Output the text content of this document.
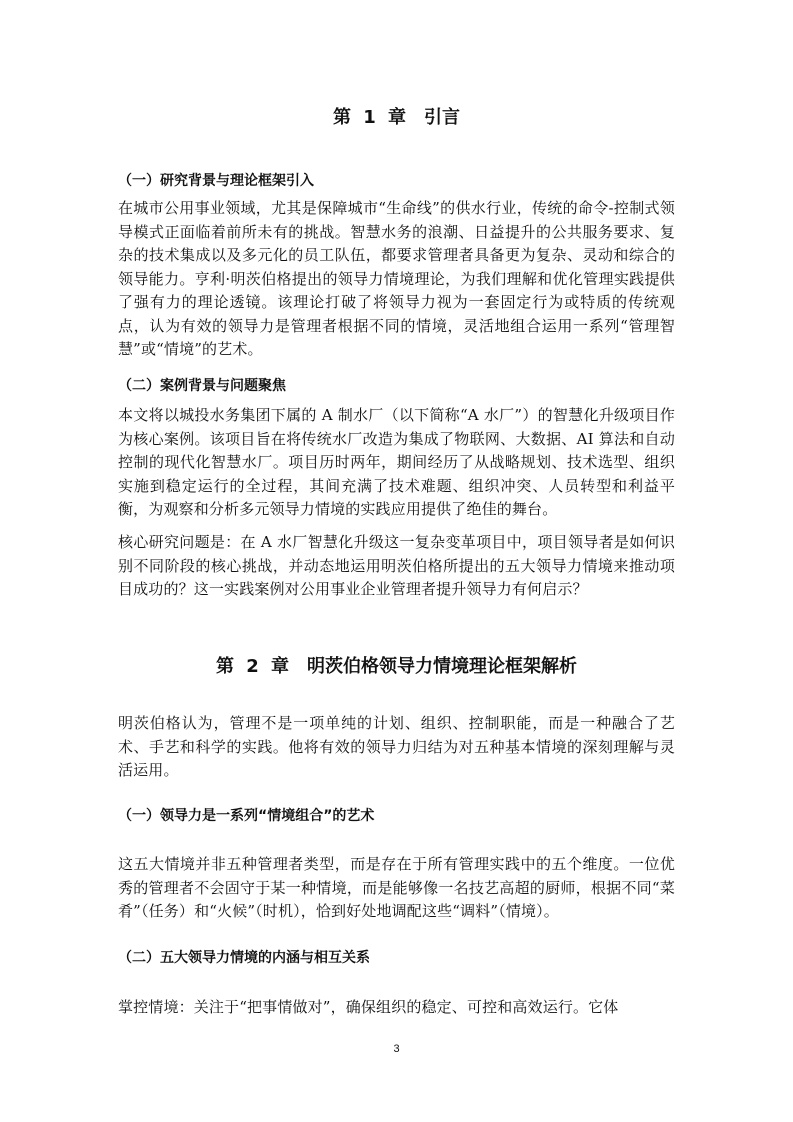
第 1 章　引言
（一）研究背景与理论框架引入

在城市公用事业领域，尤其是保障城市“生命线”的供水行业，传统的命令-控制式领导模式正面临着前所未有的挑战。智慧水务的浪潮、日益提升的公共服务要求、复杂的技术集成以及多元化的员工队伍，都要求管理者具备更为复杂、灵动和综合的领导能力。亨利·明茨伯格提出的领导力情境理论，为我们理解和优化管理实践提供了强有力的理论透镜。该理论打破了将领导力视为一套固定行为或特质的传统观点，认为有效的领导力是管理者根据不同的情境，灵活地组合运用一系列“管理智慧”或“情境”的艺术。

（二）案例背景与问题聚焦

本文将以城投水务集团下属的 A 制水厂（以下简称“A 水厂”）的智慧化升级项目作为核心案例。该项目旨在将传统水厂改造为集成了物联网、大数据、AI 算法和自动控制的现代化智慧水厂。项目历时两年，期间经历了从战略规划、技术选型、组织实施到稳定运行的全过程，其间充满了技术难题、组织冲突、人员转型和利益平衡，为观察和分析多元领导力情境的实践应用提供了绝佳的舞台。

核心研究问题是：在 A 水厂智慧化升级这一复杂变革项目中，项目领导者是如何识别不同阶段的核心挑战，并动态地运用明茨伯格所提出的五大领导力情境来推动项目成功的？这一实践案例对公用事业企业管理者提升领导力有何启示？

第 2 章　明茨伯格领导力情境理论框架解析

明茨伯格认为，管理不是一项单纯的计划、组织、控制职能，而是一种融合了艺术、手艺和科学的实践。他将有效的领导力归结为对五种基本情境的深刻理解与灵活运用。

（一）领导力是一系列“情境组合”的艺术

这五大情境并非五种管理者类型，而是存在于所有管理实践中的五个维度。一位优秀的管理者不会固守于某一种情境，而是能够像一名技艺高超的厨师，根据不同“菜肴”（任务）和“火候”（时机），恰到好处地调配这些“调料”（情境）。

（二）五大领导力情境的内涵与相互关系

掌控情境：关注于“把事情做对”，确保组织的稳定、可控和高效运行。它体

3
